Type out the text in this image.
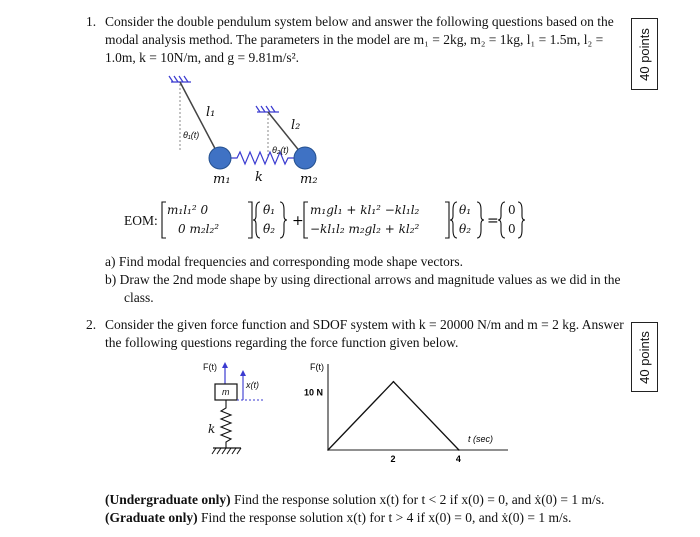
1. Consider the double pendulum system below and answer the following questions based on the
modal analysis method. The parameters in the model are m₁ = 2kg, m₂ = 1kg, l₁ = 1.5m, l₂ =
1.0m, k = 10N/m, and g = 9.81m/s².	40 points
l₁
l₂
θ₁(t)
θ₂(t)
m₁ k	m₂
EOM:	+	=
m₁l₁² 0
0 m₂l₂²
θ̈₁
θ̈₂
m₁gl₁ + kl₁² −kl₁l₂
−kl₁l₂ m₂gl₂ + kl₂²
θ₁
θ₂
0
0
a) Find modal frequencies and corresponding mode shape vectors.
b) Draw the 2nd mode shape by using directional arrows and magnitude values as we did in the
class.
2. Consider the given force function and SDOF system with k = 20000 N/m and m = 2 kg. Answer
the following questions regarding the force function given below.	40 points
F(t)
x(t)
m
k
F(t)
t (sec)
10 N
2	4
(Undergraduate only) Find the response solution x(t) for t < 2 if x(0) = 0, and ẋ(0) = 1 m/s.
(Graduate only) Find the response solution x(t) for t > 4 if x(0) = 0, and ẋ(0) = 1 m/s.
